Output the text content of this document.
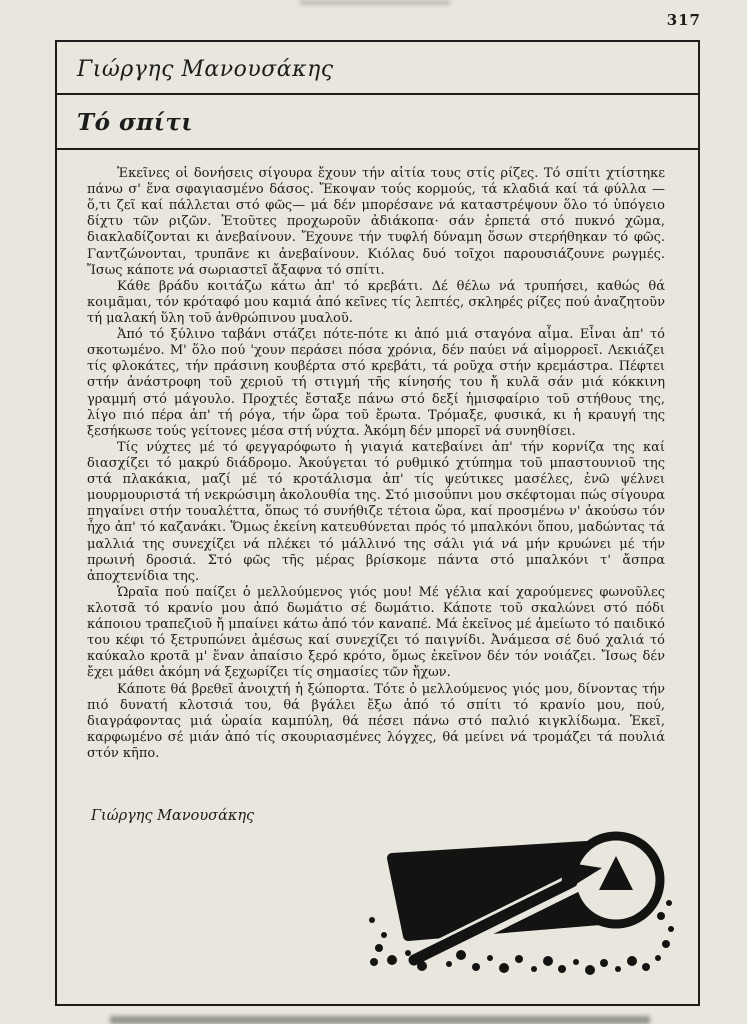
317
Γιώργης Μανουσάκης
Τό σπίτι

Ἐκεῖνες οἱ δονήσεις σίγουρα ἔχουν τήν αἰτία τους στίς ρίζες. Τό σπίτι χτίστηκε πάνω σ' ἕνα σφαγιασμένο δάσος. Ἔκοψαν τούς κορμούς, τά κλαδιά καί τά φύλλα —ὅ,τι ζεῖ καί πάλλεται στό φῶς— μά δέν μπορέσανε νά καταστρέψουν ὅλο τό ὑπόγειο δίχτυ τῶν ριζῶν. Ἐτοῦτες προχωροῦν ἀδιάκοπα· σάν ἑρπετά στό πυκνό χῶμα, διακλαδίζονται κι ἀνεβαίνουν. Ἔχουνε τήν τυφλή δύναμη ὅσων στερήθηκαν τό φῶς. Γαντζώνονται, τρυπᾶνε κι ἀνεβαίνουν. Κιόλας δυό τοῖχοι παρουσιάζουνε ρωγμές. Ἴσως κάποτε νά σωριαστεῖ ἄξαφνα τό σπίτι.

Κάθε βράδυ κοιτάζω κάτω ἀπ' τό κρεβάτι. Δέ θέλω νά τρυπήσει, καθώς θά κοιμᾶμαι, τόν κρόταφό μου καμιά ἀπό κεῖνες τίς λεπτές, σκληρές ρίζες πού ἀναζητοῦν τή μαλακή ὕλη τοῦ ἀνθρώπινου μυαλοῦ.

Ἀπό τό ξύλινο ταβάνι στάζει πότε-πότε κι ἀπό μιά σταγόνα αἷμα. Εἶναι ἀπ' τό σκοτωμένο. Μ' ὅλο πού 'χουν περάσει πόσα χρόνια, δέν παύει νά αἱμορροεῖ. Λεκιάζει τίς φλοκάτες, τήν πράσινη κουβέρτα στό κρεβάτι, τά ροῦχα στήν κρεμάστρα. Πέφτει στήν ἀνάστροφη τοῦ χεριοῦ τή στιγμή τῆς κίνησής του ἤ κυλᾶ σάν μιά κόκκινη γραμμή στό μάγουλο. Προχτές ἔσταξε πάνω στό δεξί ἡμισφαίριο τοῦ στήθους της, λίγο πιό πέρα ἀπ' τή ρόγα, τήν ὥρα τοῦ ἔρωτα. Τρόμαξε, φυσικά, κι ἡ κραυγή της ξεσήκωσε τούς γείτονες μέσα στή νύχτα. Ἀκόμη δέν μπορεῖ νά συνηθίσει.

Τίς νύχτες μέ τό φεγγαρόφωτο ἡ γιαγιά κατεβαίνει ἀπ' τήν κορνίζα της καί διασχίζει τό μακρύ διάδρομο. Ἀκούγεται τό ρυθμικό χτύπημα τοῦ μπαστουνιοῦ της στά πλακάκια, μαζί μέ τό κροτάλισμα ἀπ' τίς ψεύτικες μασέλες, ἐνῶ ψέλνει μουρμουριστά τή νεκρώσιμη ἀκολουθία της. Στό μισοΰπνι μου σκέφτομαι πώς σίγουρα πηγαίνει στήν τουαλέττα, ὅπως τό συνήθιζε τέτοια ὥρα, καί προσμένω ν' ἀκούσω τόν ἦχο ἀπ' τό καζανάκι. Ὅμως ἐκείνη κατευθύνεται πρός τό μπαλκόνι ὅπου, μαδώντας τά μαλλιά της συνεχίζει νά πλέκει τό μάλλινό της σάλι γιά νά μήν κρυώνει μέ τήν πρωινή δροσιά. Στό φῶς τῆς μέρας βρίσκομε πάντα στό μπαλκόνι τ' ἄσπρα ἀποχτενίδια της.

Ὡραῖα πού παίζει ὁ μελλούμενος γιός μου! Μέ γέλια καί χαρούμενες φωνοῦλες κλοτσᾶ τό κρανίο μου ἀπό δωμάτιο σέ δωμάτιο. Κάποτε τοῦ σκαλώνει στό πόδι κάποιου τραπεζιοῦ ἤ μπαίνει κάτω ἀπό τόν καναπέ. Μά ἐκεῖνος μέ ἀμείωτο τό παιδικό του κέφι τό ξετρυπώνει ἀμέσως καί συνεχίζει τό παιγνίδι. Ἀνάμεσα σέ δυό χαλιά τό καύκαλο κροτᾶ μ' ἕναν ἀπαίσιο ξερό κρότο, ὅμως ἐκεῖνον δέν τόν νοιάζει. Ἴσως δέν ἔχει μάθει ἀκόμη νά ξεχωρίζει τίς σημασίες τῶν ἤχων.

Κάποτε θά βρεθεῖ ἀνοιχτή ἡ ξώπορτα. Τότε ὁ μελλούμενος γιός μου, δίνοντας τήν πιό δυνατή κλοτσιά του, θά βγάλει ἔξω ἀπό τό σπίτι τό κρανίο μου, πού, διαγράφοντας μιά ὡραία καμπύλη, θά πέσει πάνω στό παλιό κιγκλίδωμα. Ἐκεῖ, καρφωμένο σέ μιάν ἀπό τίς σκουριασμένες λόγχες, θά μείνει νά τρομάζει τά πουλιά στόν κῆπο.

Γιώργης Μανουσάκης
